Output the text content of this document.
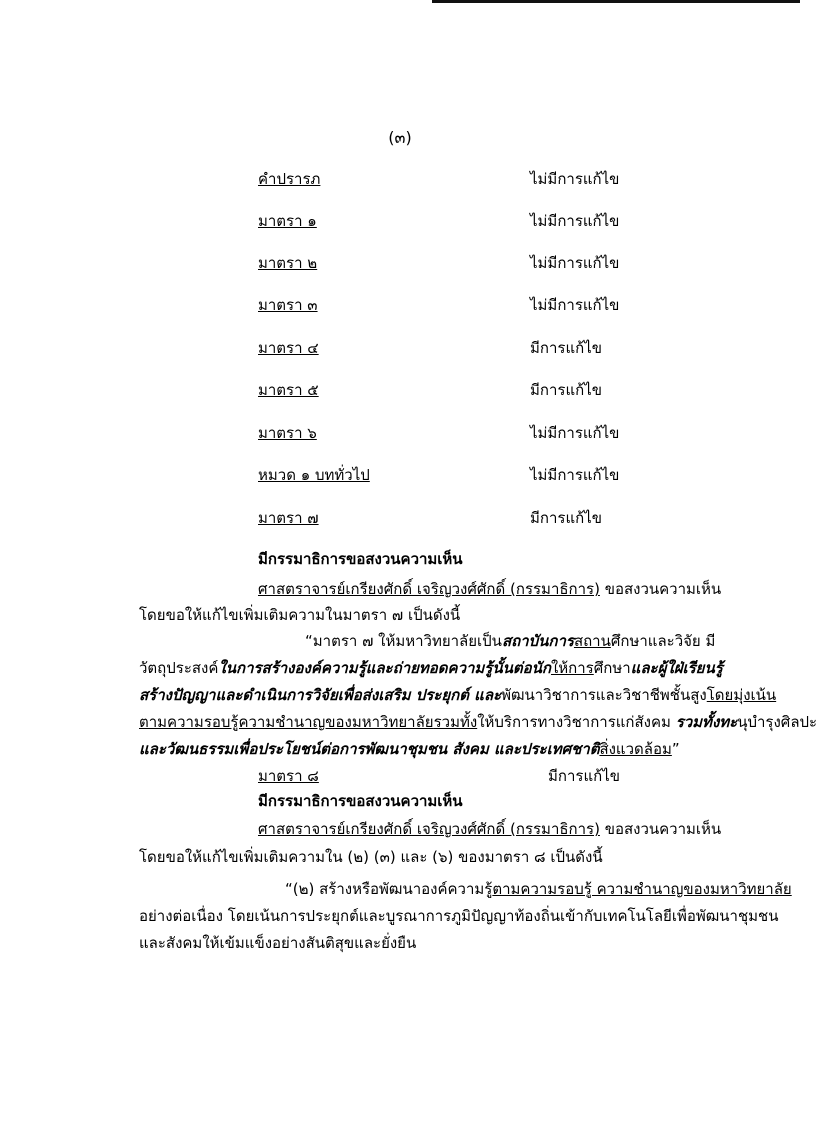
(๓)
คำปรารภ	ไม่มีการแก้ไข
มาตรา ๑	ไม่มีการแก้ไข
มาตรา ๒	ไม่มีการแก้ไข
มาตรา ๓	ไม่มีการแก้ไข
มาตรา ๔	มีการแก้ไข
มาตรา ๕	มีการแก้ไข
มาตรา ๖	ไม่มีการแก้ไข
หมวด ๑ บททั่วไป	ไม่มีการแก้ไข
มาตรา ๗	มีการแก้ไข
มีกรรมาธิการขอสงวนความเห็น
ศาสตราจารย์เกรียงศักดิ์ เจริญวงศ์ศักดิ์ (กรรมาธิการ) ขอสงวนความเห็น
โดยขอให้แก้ไขเพิ่มเติมความในมาตรา ๗ เป็นดังนี้
“มาตรา ๗ ให้มหาวิทยาลัยเป็นสถาบันการสถานศึกษาและวิจัย มี
วัตถุประสงค์ในการสร้างองค์ความรู้และถ่ายทอดความรู้นั้นต่อนักให้การศึกษาและผู้ใฝ่เรียนรู้
สร้างปัญญาและดำเนินการวิจัยเพื่อส่งเสริม ประยุกต์ และพัฒนาวิชาการและวิชาชีพชั้นสูงโดยมุ่งเน้น
ตามความรอบรู้ความชำนาญของมหาวิทยาลัยรวมทั้งให้บริการทางวิชาการแก่สังคม รวมทั้งทะนุบำรุงศิลปะ
และวัฒนธรรมเพื่อประโยชน์ต่อการพัฒนาชุมชน สังคม และประเทศชาติสิ่งแวดล้อม”
มาตรา ๘	มีการแก้ไข
มีกรรมาธิการขอสงวนความเห็น
ศาสตราจารย์เกรียงศักดิ์ เจริญวงศ์ศักดิ์ (กรรมาธิการ) ขอสงวนความเห็น
โดยขอให้แก้ไขเพิ่มเติมความใน (๒) (๓) และ (๖) ของมาตรา ๘ เป็นดังนี้
“(๒) สร้างหรือพัฒนาองค์ความรู้ตามความรอบรู้ ความชำนาญของมหาวิทยาลัย
อย่างต่อเนื่อง โดยเน้นการประยุกต์และบูรณาการภูมิปัญญาท้องถิ่นเข้ากับเทคโนโลยีเพื่อพัฒนาชุมชน
และสังคมให้เข้มแข็งอย่างสันติสุขและยั่งยืน
